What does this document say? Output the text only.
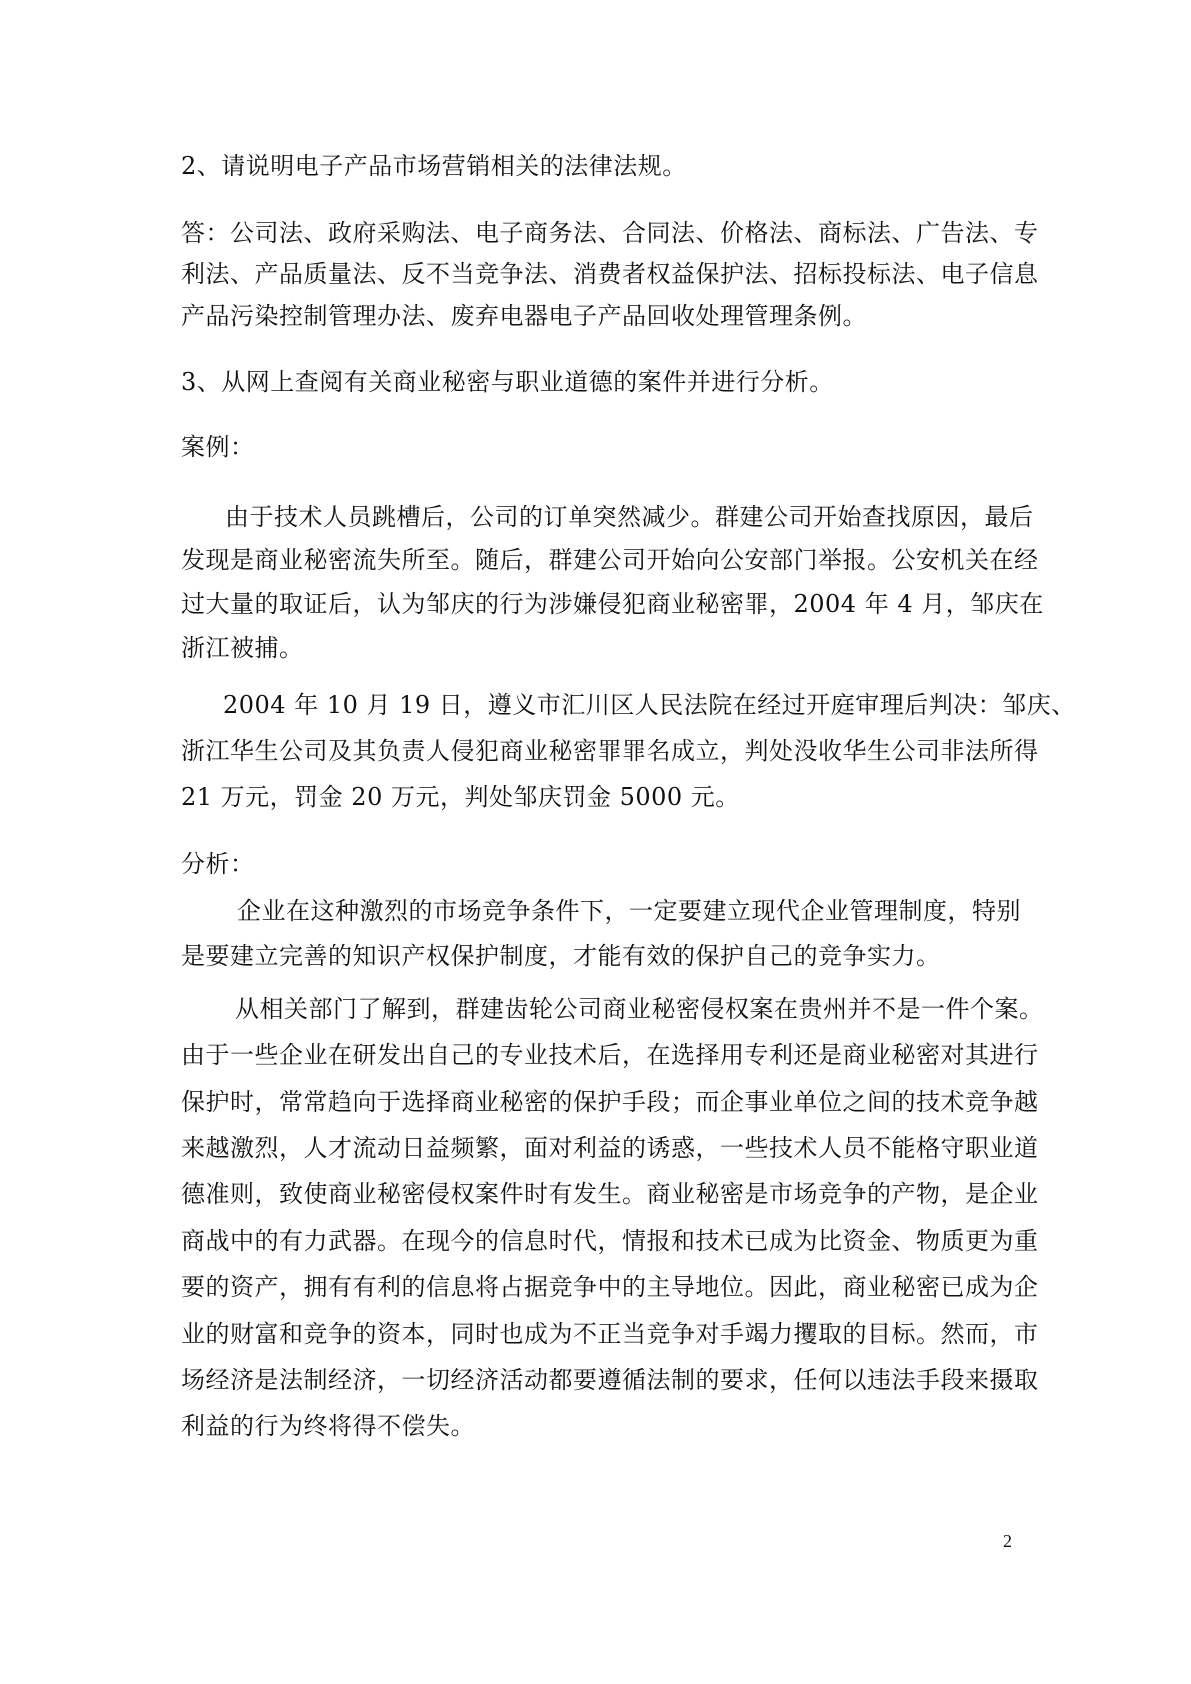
2、请说明电子产品市场营销相关的法律法规。
答：公司法、政府采购法、电子商务法、合同法、价格法、商标法、广告法、专
利法、产品质量法、反不当竞争法、消费者权益保护法、招标投标法、电子信息
产品污染控制管理办法、废弃电器电子产品回收处理管理条例。
3、从网上查阅有关商业秘密与职业道德的案件并进行分析。
案例：
由于技术人员跳槽后，公司的订单突然减少。群建公司开始查找原因，最后
发现是商业秘密流失所至。随后，群建公司开始向公安部门举报。公安机关在经
过大量的取证后，认为邹庆的行为涉嫌侵犯商业秘密罪，2004 年 4 月，邹庆在
浙江被捕。
2004 年 10 月 19 日，遵义市汇川区人民法院在经过开庭审理后判决：邹庆、
浙江华生公司及其负责人侵犯商业秘密罪罪名成立，判处没收华生公司非法所得
21 万元，罚金 20 万元，判处邹庆罚金 5000 元。
分析：
企业在这种激烈的市场竞争条件下，一定要建立现代企业管理制度，特别
是要建立完善的知识产权保护制度，才能有效的保护自己的竞争实力。
从相关部门了解到，群建齿轮公司商业秘密侵权案在贵州并不是一件个案。
由于一些企业在研发出自己的专业技术后，在选择用专利还是商业秘密对其进行
保护时，常常趋向于选择商业秘密的保护手段；而企事业单位之间的技术竞争越
来越激烈，人才流动日益频繁，面对利益的诱惑，一些技术人员不能格守职业道
德准则，致使商业秘密侵权案件时有发生。商业秘密是市场竞争的产物，是企业
商战中的有力武器。在现今的信息时代，情报和技术已成为比资金、物质更为重
要的资产，拥有有利的信息将占据竞争中的主导地位。因此，商业秘密已成为企
业的财富和竞争的资本，同时也成为不正当竞争对手竭力攫取的目标。然而，市
场经济是法制经济，一切经济活动都要遵循法制的要求，任何以违法手段来摄取
利益的行为终将得不偿失。
2
